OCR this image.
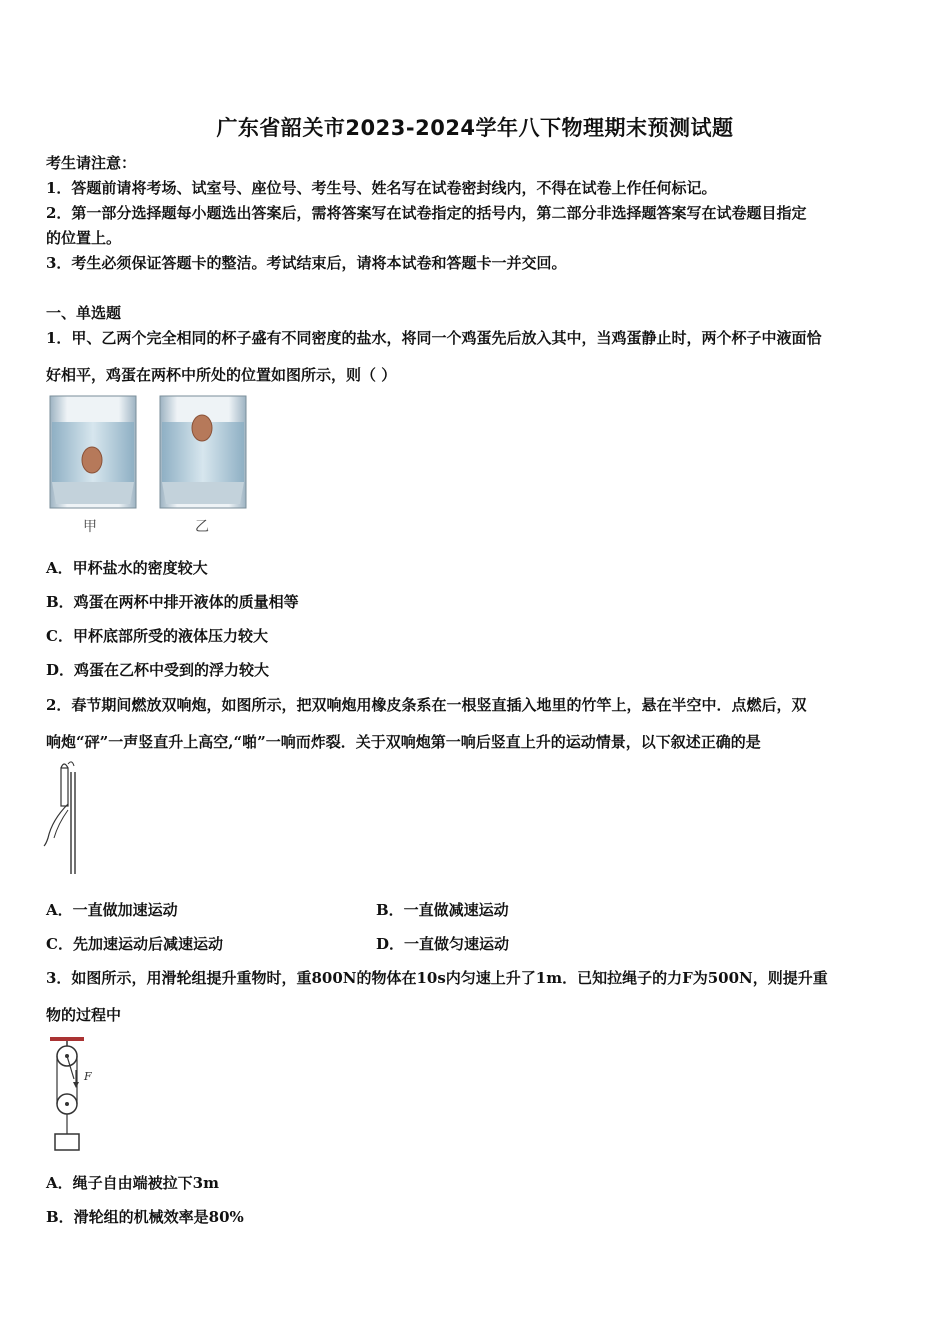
广东省韶关市2023-2024学年八下物理期末预测试题
考生请注意：
1．答题前请将考场、试室号、座位号、考生号、姓名写在试卷密封线内，不得在试卷上作任何标记。
2．第一部分选择题每小题选出答案后，需将答案写在试卷指定的括号内，第二部分非选择题答案写在试卷题目指定
的位置上。
3．考生必须保证答题卡的整洁。考试结束后，请将本试卷和答题卡一并交回。
一、单选题
1．甲、乙两个完全相同的杯子盛有不同密度的盐水，将同一个鸡蛋先后放入其中，当鸡蛋静止时，两个杯子中液面恰
好相平，鸡蛋在两杯中所处的位置如图所示，则（ ）
甲	乙
A．甲杯盐水的密度较大
B．鸡蛋在两杯中排开液体的质量相等
C．甲杯底部所受的液体压力较大
D．鸡蛋在乙杯中受到的浮力较大
2．春节期间燃放双响炮，如图所示，把双响炮用橡皮条系在一根竖直插入地里的竹竿上，悬在半空中．点燃后，双
响炮“砰”一声竖直升上高空,“啪”一响而炸裂．关于双响炮第一响后竖直上升的运动情景，以下叙述正确的是
A．一直做加速运动	B．一直做减速运动
C．先加速运动后减速运动	D．一直做匀速运动
3．如图所示，用滑轮组提升重物时，重800N的物体在10s内匀速上升了1m．已知拉绳子的力F为500N，则提升重
物的过程中
F
A．绳子自由端被拉下3m
B．滑轮组的机械效率是80%
